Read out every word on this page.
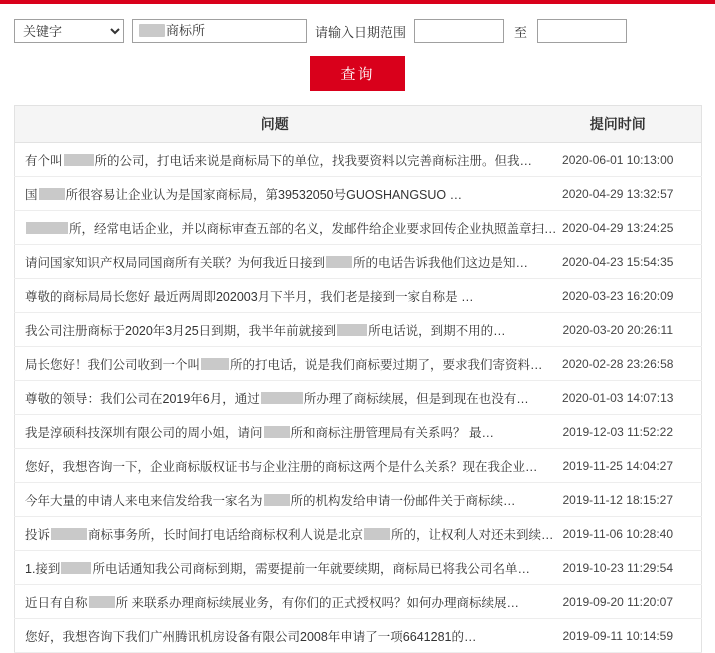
关键字
商标所	请输入日期范围	至
查询
问题	提问时间
有个叫 所的公司，打电话来说是商标局下的单位，找我要资料以完善商标注册。但我…	2020-06-01 10:13:00
国 所很容易让企业认为是国家商标局，第39532050号GUOSHANGSUO …	2020-04-29 13:32:57
所，经常电话企业，并以商标审查五部的名义，发邮件给企业要求回传企业执照盖章扫…	2020-04-29 13:24:25
请问国家知识产权局同国商所有关联？为何我近日接到 所的电话告诉我他们这边是知…	2020-04-23 15:54:35
尊敬的商标局局长您好 最近两周即202003月下半月，我们老是接到一家自称是 …	2020-03-23 16:20:09
我公司注册商标于2020年3月25日到期，我半年前就接到 所电话说，到期不用的…	2020-03-20 20:26:11
局长您好！我们公司收到一个叫 所的打电话，说是我们商标要过期了，要求我们寄资料…	2020-02-28 23:26:58
尊敬的领导：我们公司在2019年6月，通过 所办理了商标续展，但是到现在也没有…	2020-01-03 14:07:13
我是淳硕科技深圳有限公司的周小姐，请问 所和商标注册管理局有关系吗？ 最…	2019-12-03 11:52:22
您好，我想咨询一下，企业商标版权证书与企业注册的商标这两个是什么关系？现在我企业…	2019-11-25 14:04:27
今年大量的申请人来电来信发给我一家名为 所的机构发给申请一份邮件关于商标续…	2019-11-12 18:15:27
投诉 商标事务所，长时间打电话给商标权利人说是北京 所的，让权利人对还未到续…	2019-11-06 10:28:40
1.接到 所电话通知我公司商标到期，需要提前一年就要续期，商标局已将我公司名单…	2019-10-23 11:29:54
近日有自称 所 来联系办理商标续展业务，有你们的正式授权吗？如何办理商标续展…	2019-09-20 11:20:07
您好，我想咨询下我们广州腾讯机房设备有限公司2008年申请了一项6641281的…	2019-09-11 10:14:59
